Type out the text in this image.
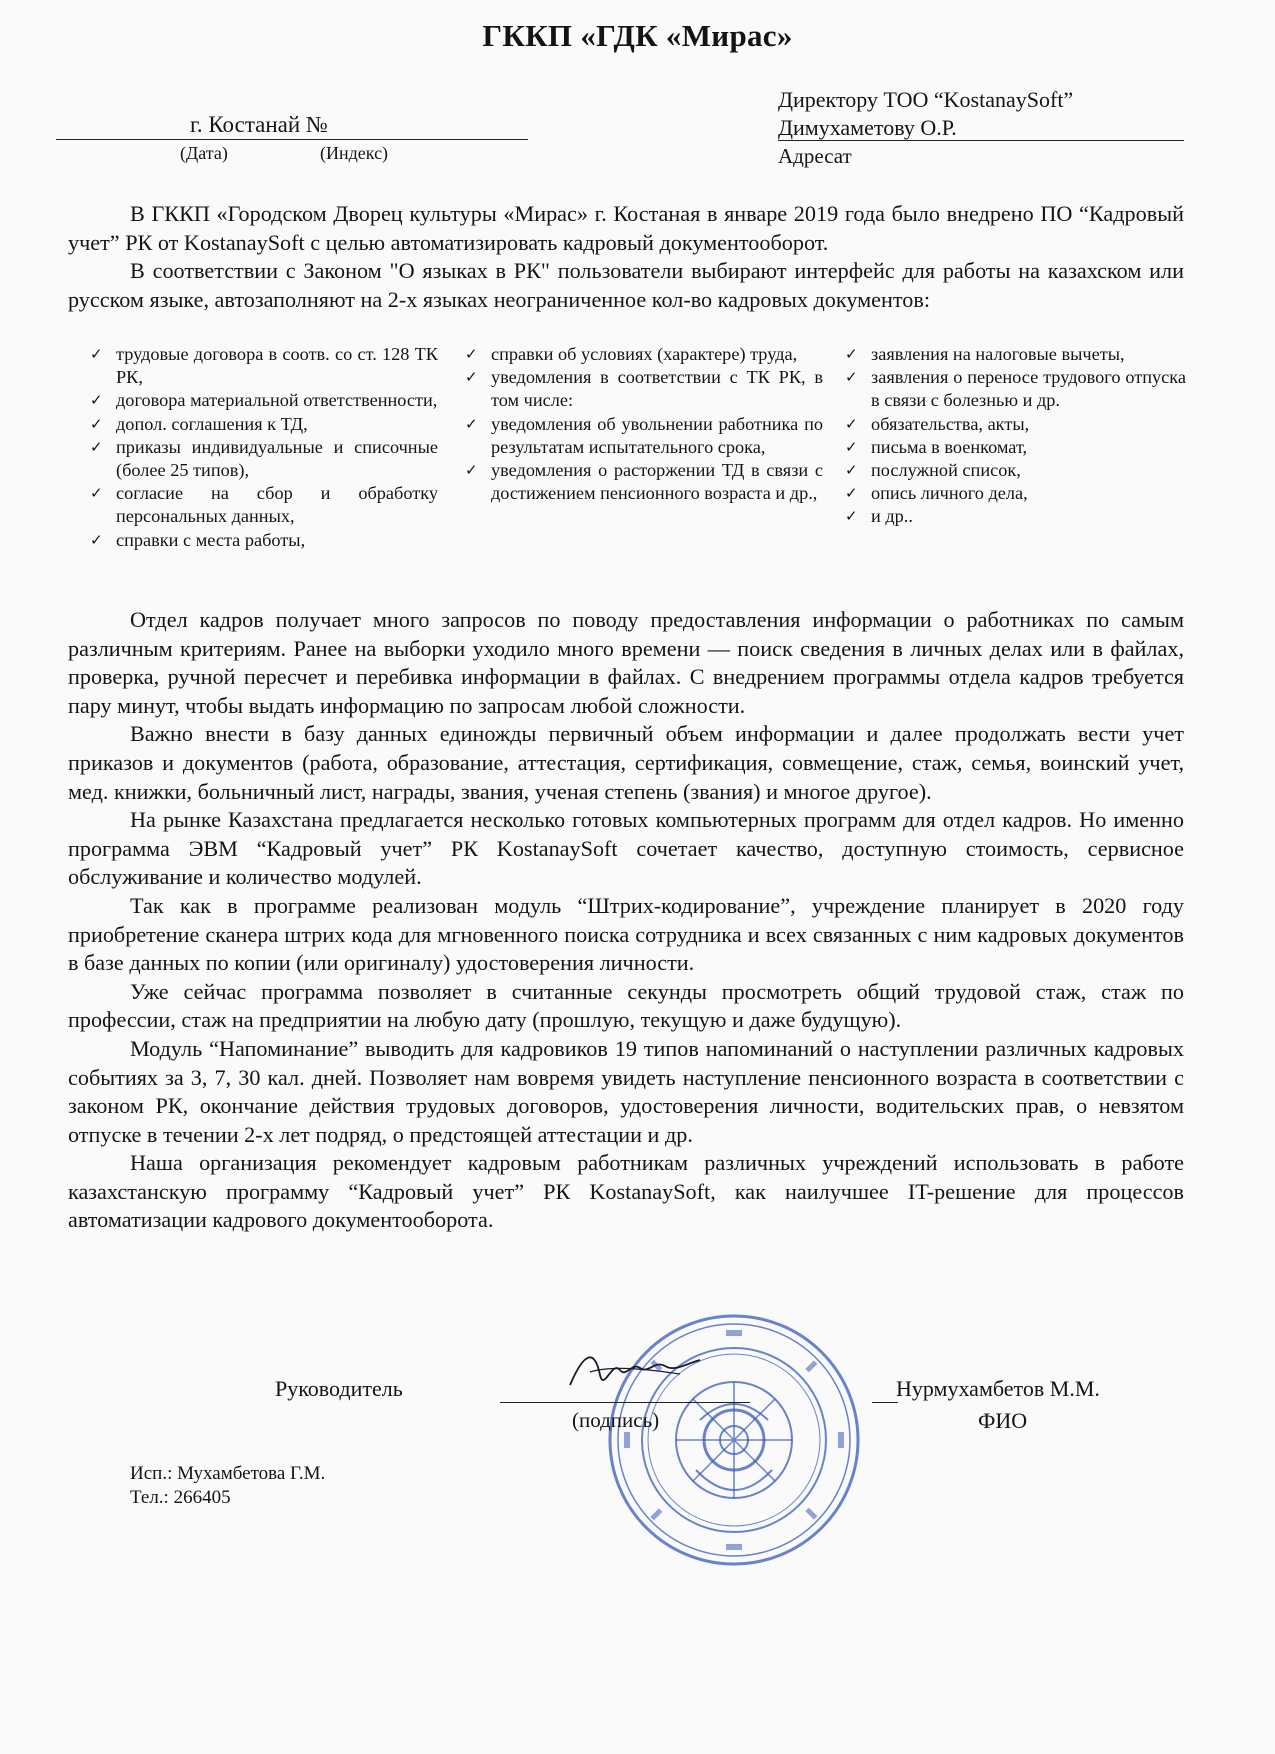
ГККП «ГДК «Мирас»
г. Костанай №
(Дата)	(Индекс)
Директору ТОО “KostanaySoft”
Димухаметову О.Р.
Адресат

В ГККП «Городском Дворец культуры «Мирас» г. Костаная в январе 2019 года было внедрено ПО “Кадровый учет” РК от KostanaySoft с целью автоматизировать кадровый документооборот.

В соответствии с Законом "О языках в РК" пользователи выбирают интерфейс для работы на казахском или русском языке, автозаполняют на 2-х языках неограниченное кол-во кадровых документов:

✓ трудовые договора в соотв. со ст. 128 ТК РК,
✓ договора материальной ответственности,
✓ допол. соглашения к ТД,
✓ приказы индивидуальные и списочные (более 25 типов),
✓ согласие на сбор и обработку персональных данных,
✓ справки с места работы,
✓ справки об условиях (характере) труда,
✓ уведомления в соответствии с ТК РК, в том числе:
✓ уведомления об увольнении работника по результатам испытательного срока,
✓ уведомления о расторжении ТД в связи с достижением пенсионного возраста и др.,
✓ заявления на налоговые вычеты,
✓ заявления о переносе трудового отпуска в связи с болезнью и др.
✓ обязательства, акты,
✓ письма в военкомат,
✓ послужной список,
✓ опись личного дела,
✓ и др..

Отдел кадров получает много запросов по поводу предоставления информации о работниках по самым различным критериям. Ранее на выборки уходило много времени — поиск сведения в личных делах или в файлах, проверка, ручной пересчет и перебивка информации в файлах. С внедрением программы отдела кадров требуется пару минут, чтобы выдать информацию по запросам любой сложности.

Важно внести в базу данных единожды первичный объем информации и далее продолжать вести учет приказов и документов (работа, образование, аттестация, сертификация, совмещение, стаж, семья, воинский учет, мед. книжки, больничный лист, награды, звания, ученая степень (звания) и многое другое).

На рынке Казахстана предлагается несколько готовых компьютерных программ для отдел кадров. Но именно программа ЭВМ “Кадровый учет” РК KostanaySoft сочетает качество, доступную стоимость, сервисное обслуживание и количество модулей.

Так как в программе реализован модуль “Штрих-кодирование”, учреждение планирует в 2020 году приобретение сканера штрих кода для мгновенного поиска сотрудника и всех связанных с ним кадровых документов в базе данных по копии (или оригиналу) удостоверения личности.

Уже сейчас программа позволяет в считанные секунды просмотреть общий трудовой стаж, стаж по профессии, стаж на предприятии на любую дату (прошлую, текущую и даже будущую).

Модуль “Напоминание” выводить для кадровиков 19 типов напоминаний о наступлении различных кадровых событиях за 3, 7, 30 кал. дней. Позволяет нам вовремя увидеть наступление пенсионного возраста в соответствии с законом РК, окончание действия трудовых договоров, удостоверения личности, водительских прав, о невзятом отпуске в течении 2-х лет подряд, о предстоящей аттестации и др.

Наша организация рекомендует кадровым работникам различных учреждений использовать в работе казахстанскую программу “Кадровый учет” РК KostanaySoft, как наилучшее IT-решение для процессов автоматизации кадрового документооборота.

Руководитель
(подпись)
Нурмухамбетов М.М.
ФИО
Исп.: Мухамбетова Г.М.
Тел.: 266405
